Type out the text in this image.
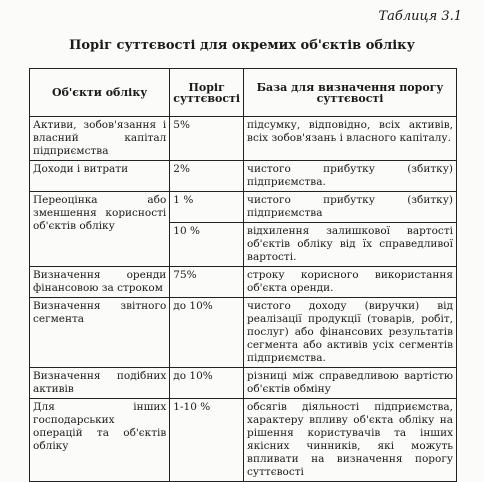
Таблиця 3.1
Поріг суттєвості для окремих об'єктів обліку
Об'єкти обліку	Поріг суттєвості	База для визначення порогу суттєвості
Активи, зобов'язання і власний капітал підприємства	5%	підсумку, відповідно, всіх активів, всіх зобов'язань і власного капіталу.
Доходи і витрати	2%	чистого прибутку (збитку) підприємства.
Переоцінка або зменшення корисності об'єктів обліку	1 %	чистого прибутку (збитку) підприємства
	10 %	відхилення залишкової вартості об'єктів обліку від їх справедливої вартості.
Визначення оренди фінансовою за строком	75%	строку корисного використання об'єкта оренди.
Визначення звітного сегмента	до 10%	чистого доходу (виручки) від реалізації продукції (товарів, робіт, послуг) або фінансових результатів сегмента або активів усіх сегментів підприємства.
Визначення подібних активів	до 10%	різниці між справедливою вартістю об'єктів обміну
Для інших господарських операцій та об'єктів обліку	1-10 %	обсягів діяльності підприємства, характеру впливу об'єкта обліку на рішення користувачів та інших якісних чинників, які можуть впливати на визначення порогу суттєвості
